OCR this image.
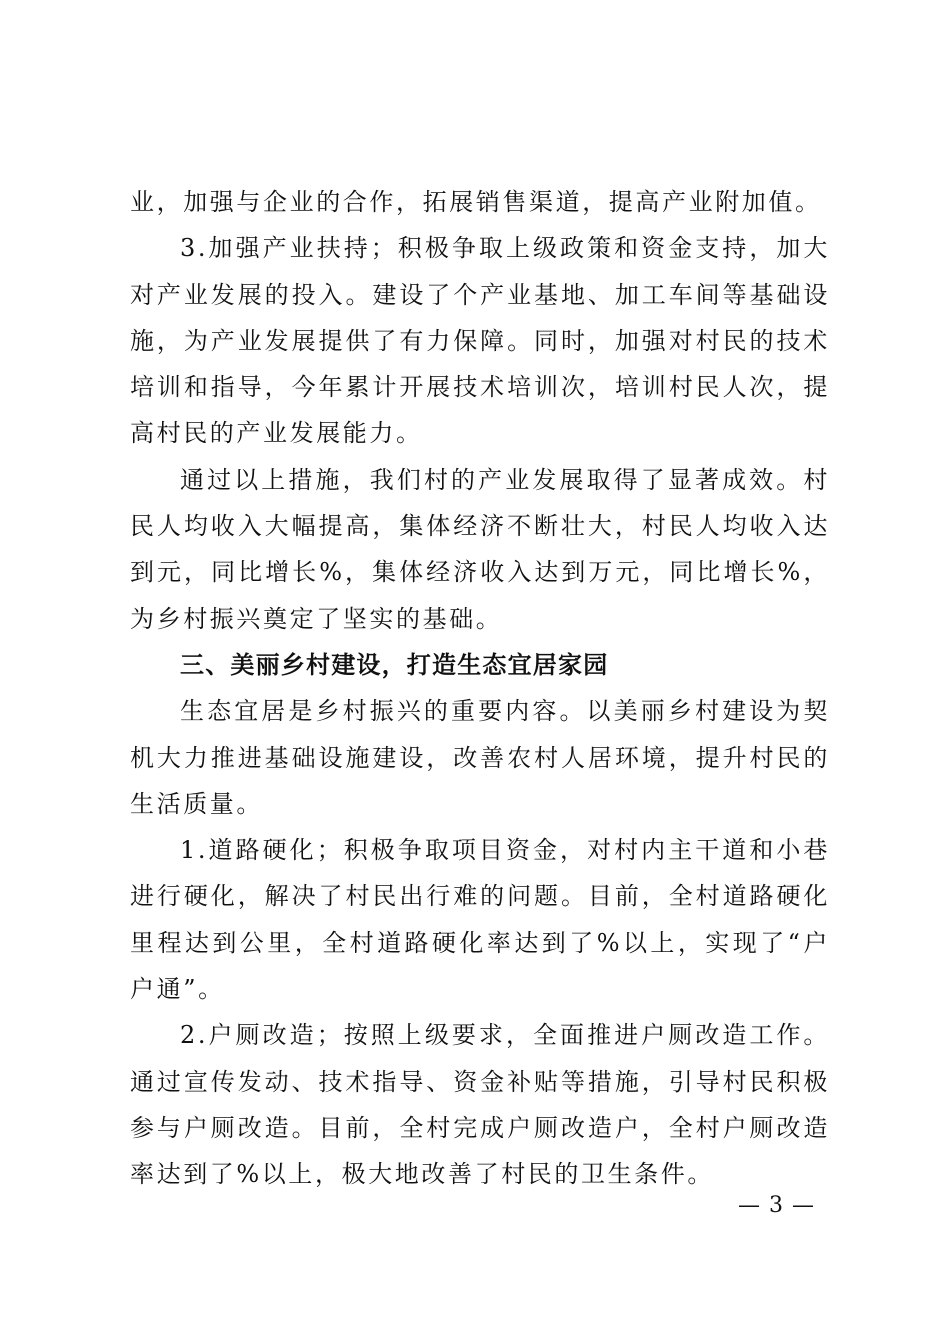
业，加强与企业的合作，拓展销售渠道，提高产业附加值。

3.加强产业扶持；积极争取上级政策和资金支持，加大对产业发展的投入。建设了个产业基地、加工车间等基础设施，为产业发展提供了有力保障。同时，加强对村民的技术培训和指导，今年累计开展技术培训次，培训村民人次，提高村民的产业发展能力。

通过以上措施，我们村的产业发展取得了显著成效。村民人均收入大幅提高，集体经济不断壮大，村民人均收入达到元，同比增长%，集体经济收入达到万元，同比增长%，为乡村振兴奠定了坚实的基础。

三、美丽乡村建设，打造生态宜居家园

生态宜居是乡村振兴的重要内容。以美丽乡村建设为契机大力推进基础设施建设，改善农村人居环境，提升村民的生活质量。

1.道路硬化；积极争取项目资金，对村内主干道和小巷进行硬化，解决了村民出行难的问题。目前，全村道路硬化里程达到公里，全村道路硬化率达到了%以上，实现了“户户通”。

2.户厕改造；按照上级要求，全面推进户厕改造工作。通过宣传发动、技术指导、资金补贴等措施，引导村民积极参与户厕改造。目前，全村完成户厕改造户，全村户厕改造率达到了%以上，极大地改善了村民的卫生条件。

— 3 —
